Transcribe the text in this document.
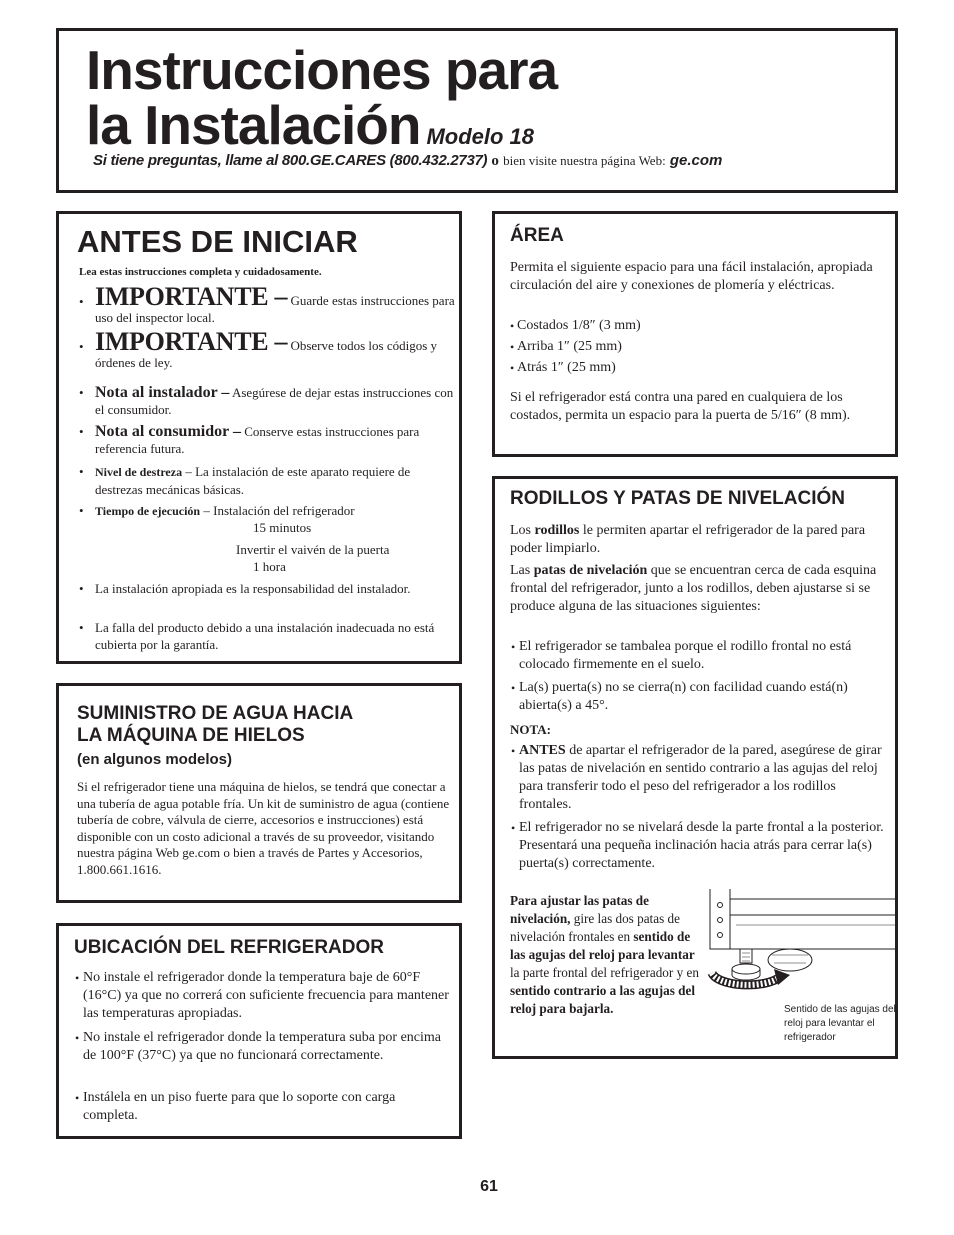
Instrucciones para
la Instalación Modelo 18
Si tiene preguntas, llame al 800.GE.CARES (800.432.2737) o bien visite nuestra página Web: ge.com
ANTES DE INICIAR
Lea estas instrucciones completa y cuidadosamente.
• IMPORTANTE – Guarde estas instrucciones para uso del inspector local.
• IMPORTANTE – Observe todos los códigos y órdenes de ley.
• Nota al instalador – Asegúrese de dejar estas instrucciones con el consumidor.
• Nota al consumidor – Conserve estas instrucciones para referencia futura.
• Nivel de destreza – La instalación de este aparato requiere de destrezas mecánicas básicas.
• Tiempo de ejecución – Instalación del refrigerador
15 minutos
Invertir el vaivén de la puerta
1 hora
• La instalación apropiada es la responsabilidad del instalador.
• La falla del producto debido a una instalación inadecuada no está cubierta por la garantía.
SUMINISTRO DE AGUA HACIA
LA MÁQUINA DE HIELOS
(en algunos modelos)
Si el refrigerador tiene una máquina de hielos, se tendrá que conectar a una tubería de agua potable fría. Un kit de suministro de agua (contiene tubería de cobre, válvula de cierre, accesorios e instrucciones) está disponible con un costo adicional a través de su proveedor, visitando nuestra página Web ge.com o bien a través de Partes y Accesorios, 1.800.661.1616.
UBICACIÓN DEL REFRIGERADOR
• No instale el refrigerador donde la temperatura baje de 60°F (16°C) ya que no correrá con suficiente frecuencia para mantener las temperaturas apropiadas.
• No instale el refrigerador donde la temperatura suba por encima de 100°F (37°C) ya que no funcionará correctamente.
• Instálela en un piso fuerte para que lo soporte con carga completa.
ÁREA
Permita el siguiente espacio para una fácil instalación, apropiada circulación del aire y conexiones de plomería y eléctricas.
• Costados 1/8″ (3 mm)
• Arriba 1″ (25 mm)
• Atrás 1″ (25 mm)
Si el refrigerador está contra una pared en cualquiera de los costados, permita un espacio para la puerta de 5/16″ (8 mm).
RODILLOS Y PATAS DE NIVELACIÓN
Los rodillos le permiten apartar el refrigerador de la pared para poder limpiarlo.
Las patas de nivelación que se encuentran cerca de cada esquina frontal del refrigerador, junto a los rodillos, deben ajustarse si se produce alguna de las situaciones siguientes:
• El refrigerador se tambalea porque el rodillo frontal no está colocado firmemente en el suelo.
• La(s) puerta(s) no se cierra(n) con facilidad cuando está(n) abierta(s) a 45°.
NOTA:
• ANTES de apartar el refrigerador de la pared, asegúrese de girar las patas de nivelación en sentido contrario a las agujas del reloj para transferir todo el peso del refrigerador a los rodillos frontales.
• El refrigerador no se nivelará desde la parte frontal a la posterior. Presentará una pequeña inclinación hacia atrás para cerrar la(s) puerta(s) correctamente.
Para ajustar las patas de nivelación, gire las dos patas de nivelación frontales en sentido de las agujas del reloj para levantar la parte frontal del refrigerador y en sentido contrario a las agujas del reloj para bajarla.	Sentido de las agujas del reloj para levantar el refrigerador
61
